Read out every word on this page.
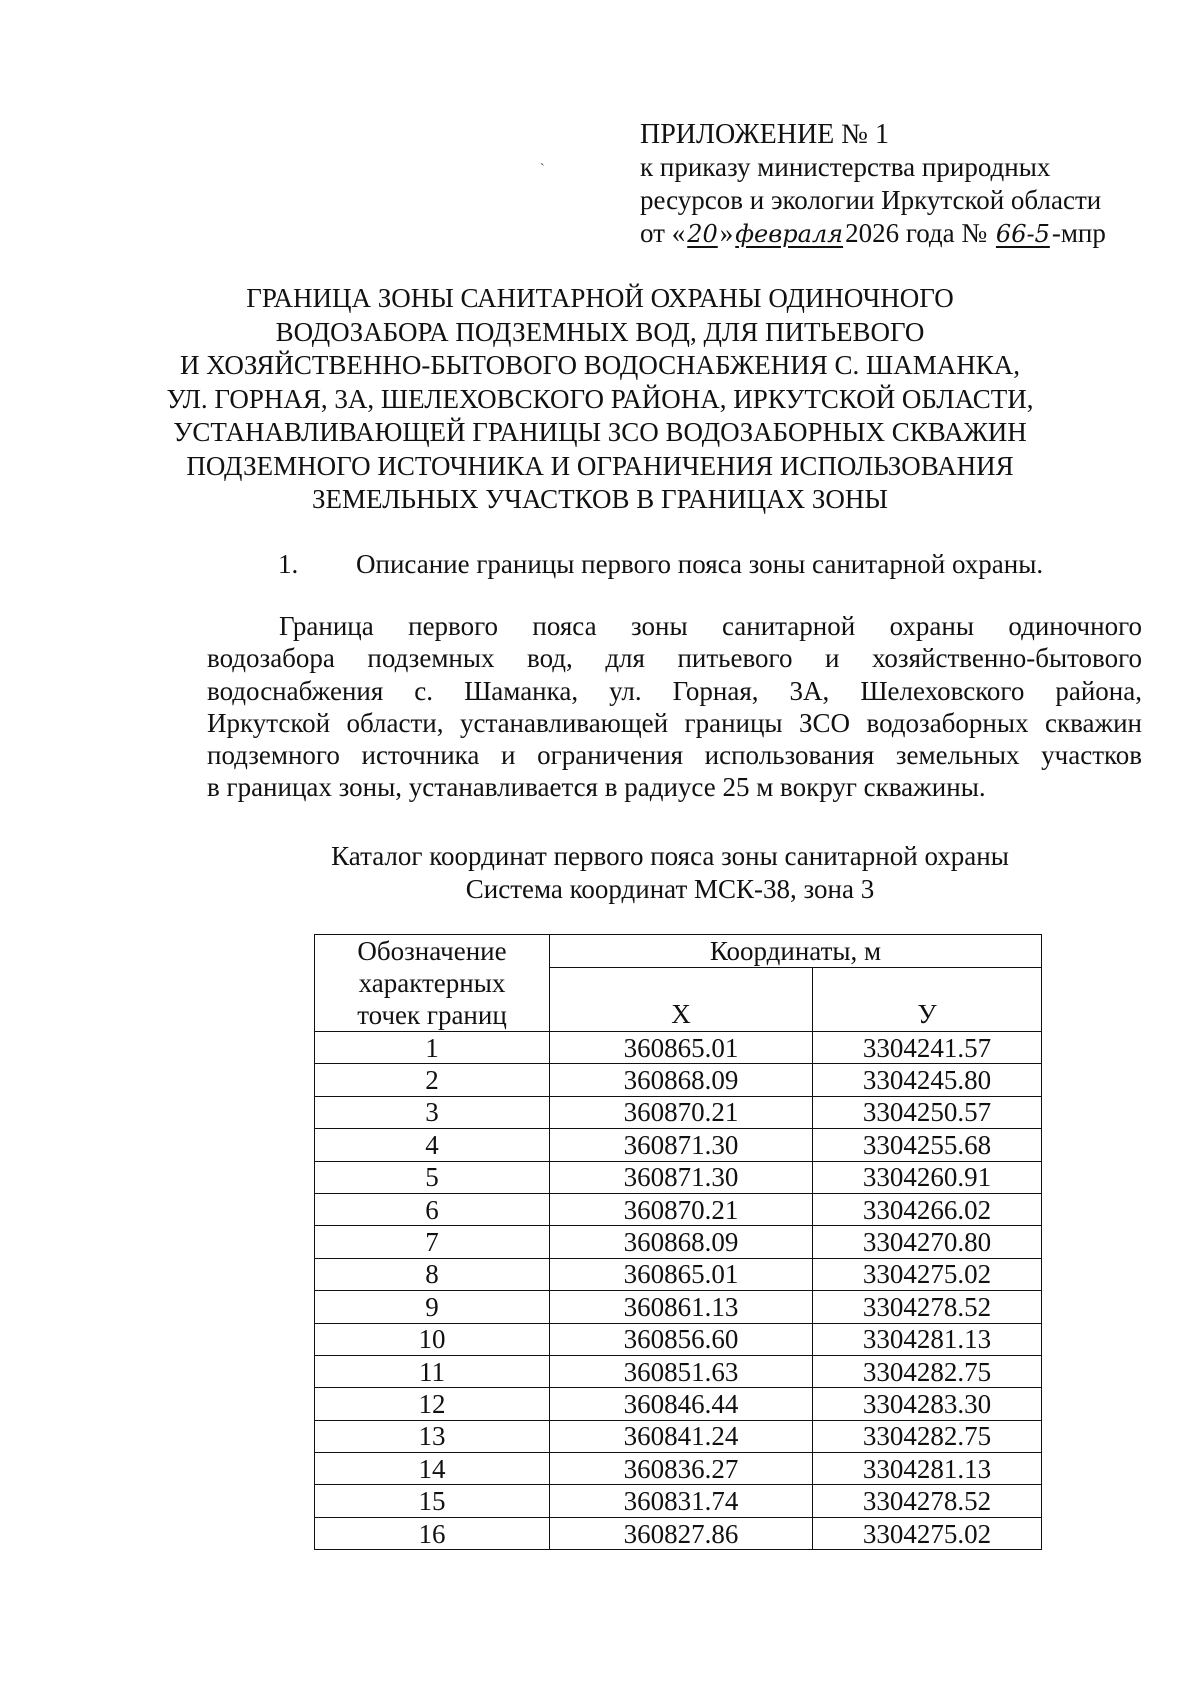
ПРИЛОЖЕНИЕ № 1
к приказу министерства природных
ресурсов и экологии Иркутской области
от «20»февраля2026 года № 66-5-мпр
ˋ
ГРАНИЦА ЗОНЫ САНИТАРНОЙ ОХРАНЫ ОДИНОЧНОГО
ВОДОЗАБОРА ПОДЗЕМНЫХ ВОД, ДЛЯ ПИТЬЕВОГО
И ХОЗЯЙСТВЕННО-БЫТОВОГО ВОДОСНАБЖЕНИЯ С. ШАМАНКА,
УЛ. ГОРНАЯ, 3А, ШЕЛЕХОВСКОГО РАЙОНА, ИРКУТСКОЙ ОБЛАСТИ,
УСТАНАВЛИВАЮЩЕЙ ГРАНИЦЫ ЗСО ВОДОЗАБОРНЫХ СКВАЖИН
ПОДЗЕМНОГО ИСТОЧНИКА И ОГРАНИЧЕНИЯ ИСПОЛЬЗОВАНИЯ
ЗЕМЕЛЬНЫХ УЧАСТКОВ В ГРАНИЦАХ ЗОНЫ
1. Описание границы первого пояса зоны санитарной охраны.
Граница первого пояса зоны санитарной охраны одиночного
водозабора подземных вод, для питьевого и хозяйственно-бытового
водоснабжения с. Шаманка, ул. Горная, 3А, Шелеховского района,
Иркутской области, устанавливающей границы ЗСО водозаборных скважин
подземного источника и ограничения использования земельных участков
в границах зоны, устанавливается в радиусе 25 м вокруг скважины.
Каталог координат первого пояса зоны санитарной охраны
Система координат МСК-38, зона 3
Обозначение
характерных
точек границ	Координаты, м	
	Х	У
1	360865.01	3304241.57
2	360868.09	3304245.80
3	360870.21	3304250.57
4	360871.30	3304255.68
5	360871.30	3304260.91
6	360870.21	3304266.02
7	360868.09	3304270.80
8	360865.01	3304275.02
9	360861.13	3304278.52
10	360856.60	3304281.13
11	360851.63	3304282.75
12	360846.44	3304283.30
13	360841.24	3304282.75
14	360836.27	3304281.13
15	360831.74	3304278.52
16	360827.86	3304275.02
